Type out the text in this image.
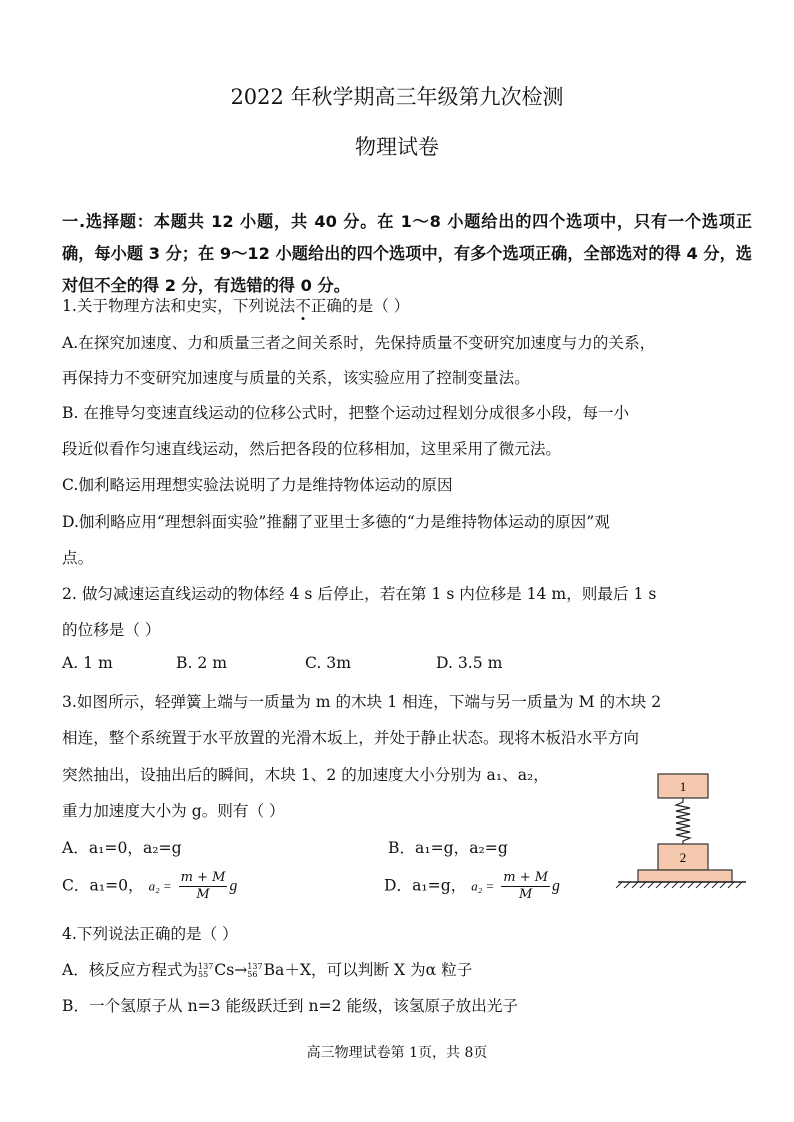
2022 年秋学期高三年级第九次检测
物理试卷
一.选择题：本题共 12 小题，共 40 分。在 1～8 小题给出的四个选项中，只有一个选项正确，每小题 3 分；在 9～12 小题给出的四个选项中，有多个选项正确，全部选对的得 4 分，选对但不全的得 2 分，有选错的得 0 分。
1.关于物理方法和史实，下列说法不正确的是（ ）
A.在探究加速度、力和质量三者之间关系时，先保持质量不变研究加速度与力的关系，
再保持力不变研究加速度与质量的关系，该实验应用了控制变量法。
B. 在推导匀变速直线运动的位移公式时，把整个运动过程划分成很多小段，每一小
段近似看作匀速直线运动，然后把各段的位移相加，这里采用了微元法。
C.伽利略运用理想实验法说明了力是维持物体运动的原因
D.伽利略应用“理想斜面实验”推翻了亚里士多德的“力是维持物体运动的原因”观
点。
2. 做匀减速运直线运动的物体经 4 s 后停止，若在第 1 s 内位移是 14 m，则最后 1 s
的位移是（ ）
A. 1 m	B. 2 m	C. 3m	D. 3.5 m
3.如图所示，轻弹簧上端与一质量为 m 的木块 1 相连，下端与另一质量为 M 的木块 2
相连，整个系统置于水平放置的光滑木坂上，并处于静止状态。现将木板沿水平方向
突然抽出，设抽出后的瞬间，木块 1、2 的加速度大小分别为 a₁、a₂，
重力加速度大小为 g。则有（ ）
A．a₁=0，a₂=g	B．a₁=g，a₂=g
C．a₁=0， $a_2 = \frac{m + M}{M}$ g	D．a₁=g， $a_2 = \frac{m + M}{M}$ g
1
2
4.下列说法正确的是（ ）
A．核反应方程式为 137
55 Cs→ 137
56 Ba＋X，可以判断 X 为α 粒子
B．一个氢原子从 n=3 能级跃迁到 n=2 能级，该氢原子放出光子
高三物理试卷第 1页，共 8页
